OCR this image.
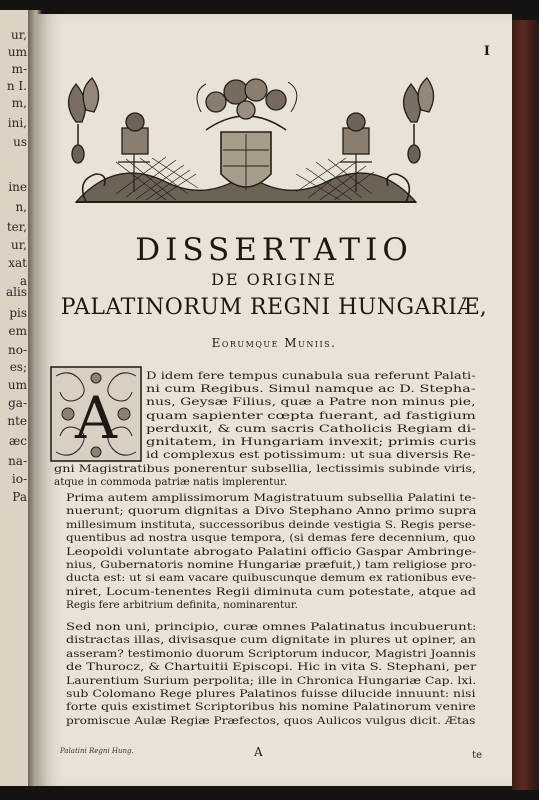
ur,
um
m-
n I.
m,
ini,
us
ine
n,
ter,
ur,
xat
a
alis
pis
em
no-
es;
um
ga-
nte
æc
na-
io-
Pa
I
DISSERTATIO
DE ORIGINE
PALATINORUM REGNI HUNGARIÆ,
Eorumque Muniis.
A
D idem fere tempus cunabula sua referunt Palati-
ni cum Regibus. Simul namque ac D. Stepha-
nus, Geysæ Filius, quæ a Patre non minus pie,
quam sapienter cœpta fuerant, ad fastigium
perduxit, & cum sacris Catholicis Regiam di-
gnitatem, in Hungariam invexit; primis curis
id complexus est potissimum: ut sua diversis Re-
gni Magistratibus ponerentur subsellia, lectissimis subinde viris,
atque in commoda patriæ natis implerentur.
Prima autem amplissimorum Magistratuum subsellia Palatini te-
nuerunt; quorum dignitas a Divo Stephano Anno primo supra
millesimum instituta, successoribus deinde vestigia S. Regis perse-
quentibus ad nostra usque tempora, (si demas fere decennium, quo
Leopoldi voluntate abrogato Palatini officio Gaspar Ambringe-
nius, Gubernatoris nomine Hungariæ præfuit,) tam religiose pro-
ducta est: ut si eam vacare quibuscunque demum ex rationibus eve-
niret, Locum-tenentes Regii diminuta cum potestate, atque ad
Regis fere arbitrium definita, nominarentur.
Sed non uni, principio, curæ omnes Palatinatus incubuerunt:
distractas illas, divisasque cum dignitate in plures ut opiner, an
asseram? testimonio duorum Scriptorum inducor, Magistri Joannis
de Thurocz, & Chartuitii Episcopi. Hic in vita S. Stephani, per
Laurentium Surium perpolita; ille in Chronica Hungariæ Cap. lxi.
sub Colomano Rege plures Palatinos fuisse dilucide innuunt: nisi
forte quis existimet Scriptoribus his nomine Palatinorum venire
promiscue Aulæ Regiæ Præfectos, quos Aulicos vulgus dicit. Ætas
Palatini Regni Hung.	A	te
